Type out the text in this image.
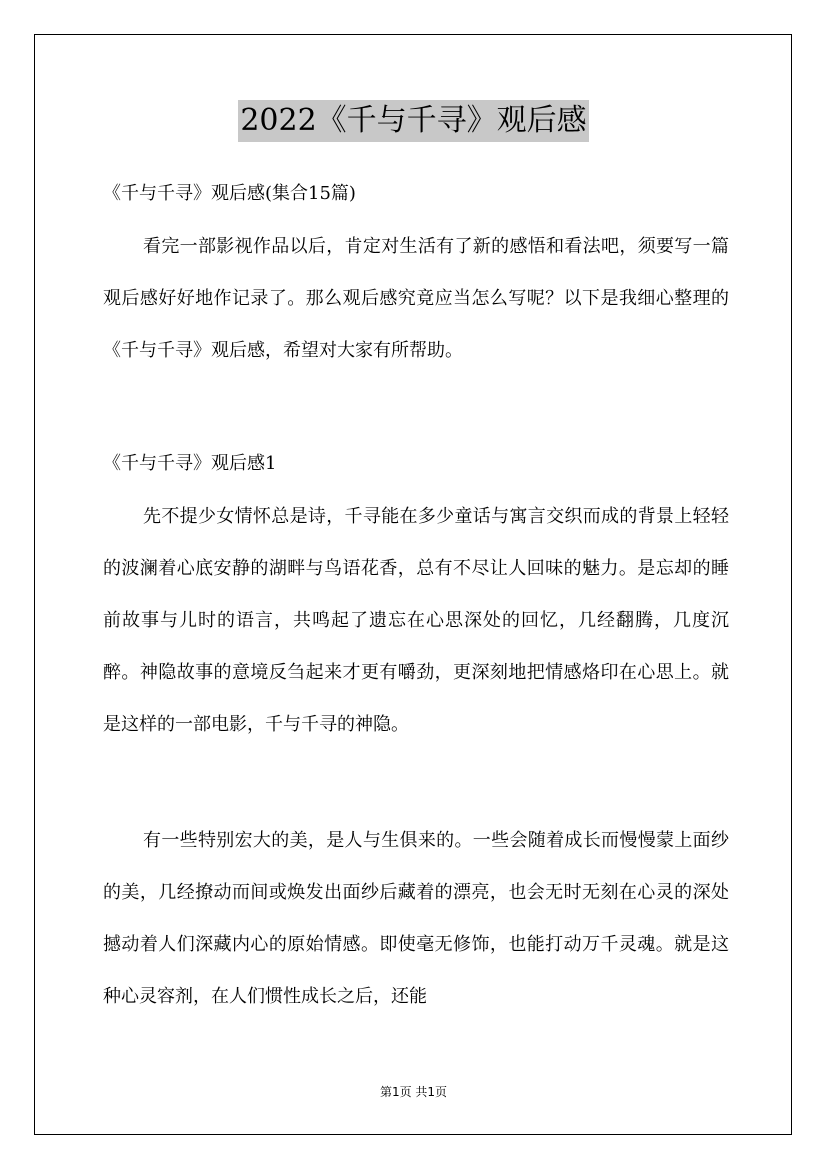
2022《千与千寻》观后感

《千与千寻》观后感(集合15篇)

看完一部影视作品以后，肯定对生活有了新的感悟和看法吧，须要写一篇观后感好好地作记录了。那么观后感究竟应当怎么写呢？以下是我细心整理的《千与千寻》观后感，希望对大家有所帮助。

《千与千寻》观后感1

先不提少女情怀总是诗，千寻能在多少童话与寓言交织而成的背景上轻轻的波澜着心底安静的湖畔与鸟语花香，总有不尽让人回味的魅力。是忘却的睡前故事与儿时的语言，共鸣起了遗忘在心思深处的回忆，几经翻腾，几度沉醉。神隐故事的意境反刍起来才更有嚼劲，更深刻地把情感烙印在心思上。就是这样的一部电影，千与千寻的神隐。

有一些特别宏大的美，是人与生俱来的。一些会随着成长而慢慢蒙上面纱的美，几经撩动而间或焕发出面纱后藏着的漂亮，也会无时无刻在心灵的深处撼动着人们深藏内心的原始情感。即使毫无修饰，也能打动万千灵魂。就是这种心灵容剂，在人们惯性成长之后，还能

第1页 共1页
